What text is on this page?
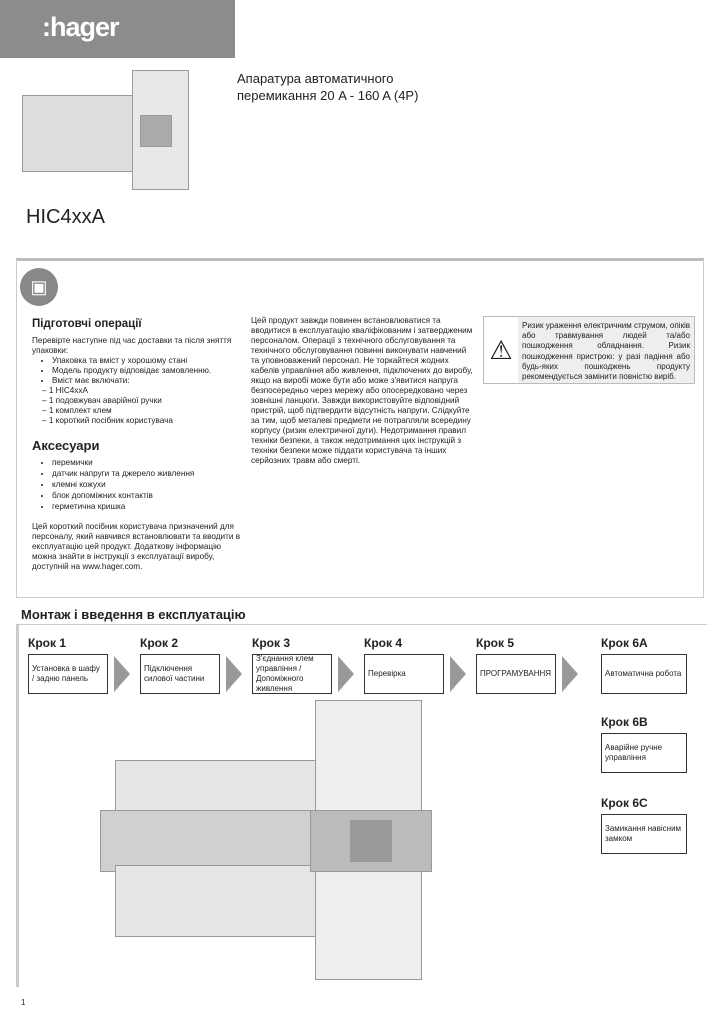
:hager
Апаратура автоматичного
перемикання 20 A - 160 A (4P)
HIC4xxA
▣
Підготовчі операції
Перевірте наступне під час доставки та після зняття упаковки:
• Упаковка та вміст у хорошому стані
• Модель продукту відповідає замовленню.
• Вміст має включати:
– 1 HIC4xxA
– 1 подовжувач аварійної ручки
– 1 комплект клем
– 1 короткий посібник користувача
Аксесуари
• перемички
• датчик напруги та джерело живлення
• клемні кожухи
• блок допоміжних контактів
• герметична кришка
Цей короткий посібник користувача призначений для персоналу, який навчився встановлювати та вводити в експлуатацію цей продукт. Додаткову інформацію можна знайти в інструкції з експлуатації виробу, доступній на www.hager.com.
Цей продукт завжди повинен встановлюватися та вводитися в експлуатацію кваліфікованим і затвердженим персоналом. Операції з технічного обслуговування та технічного обслуговування повинні виконувати навчений та уповноважений персонал. Не торкайтеся жодних кабелів управління або живлення, підключених до виробу, якщо на виробі може бути або може з'явитися напруга безпосередньо через мережу або опосередковано через зовнішні ланцюги. Завжди використовуйте відповідний пристрій, щоб підтвердити відсутність напруги. Слідкуйте за тим, щоб металеві предмети не потрапляли всередину корпусу (ризик електричної дуги). Недотримання правил техніки безпеки, а також недотримання цих інструкцій з техніки безпеки може піддати користувача та інших серйозних травм або смерті.
⚠
Ризик ураження електричним струмом, опіків або травмування людей та/або пошкодження обладнання. Ризик пошкодження пристрою: у разі падіння або будь-яких пошкоджень продукту рекомендується замінити повністю виріб.
Монтаж і введення в експлуатацію
Крок 1
Установка в шафу / задню панель
Крок 2
Підключення силової частини
Крок 3
З'єднання клем управління / Допоміжного живлення
Крок 4
Перевірка
Крок 5
ПРОГРАМУВАННЯ
Крок 6A
Автоматична робота
Крок 6B
Аварійне ручне управління
Крок 6C
Замикання навісним замком
1
